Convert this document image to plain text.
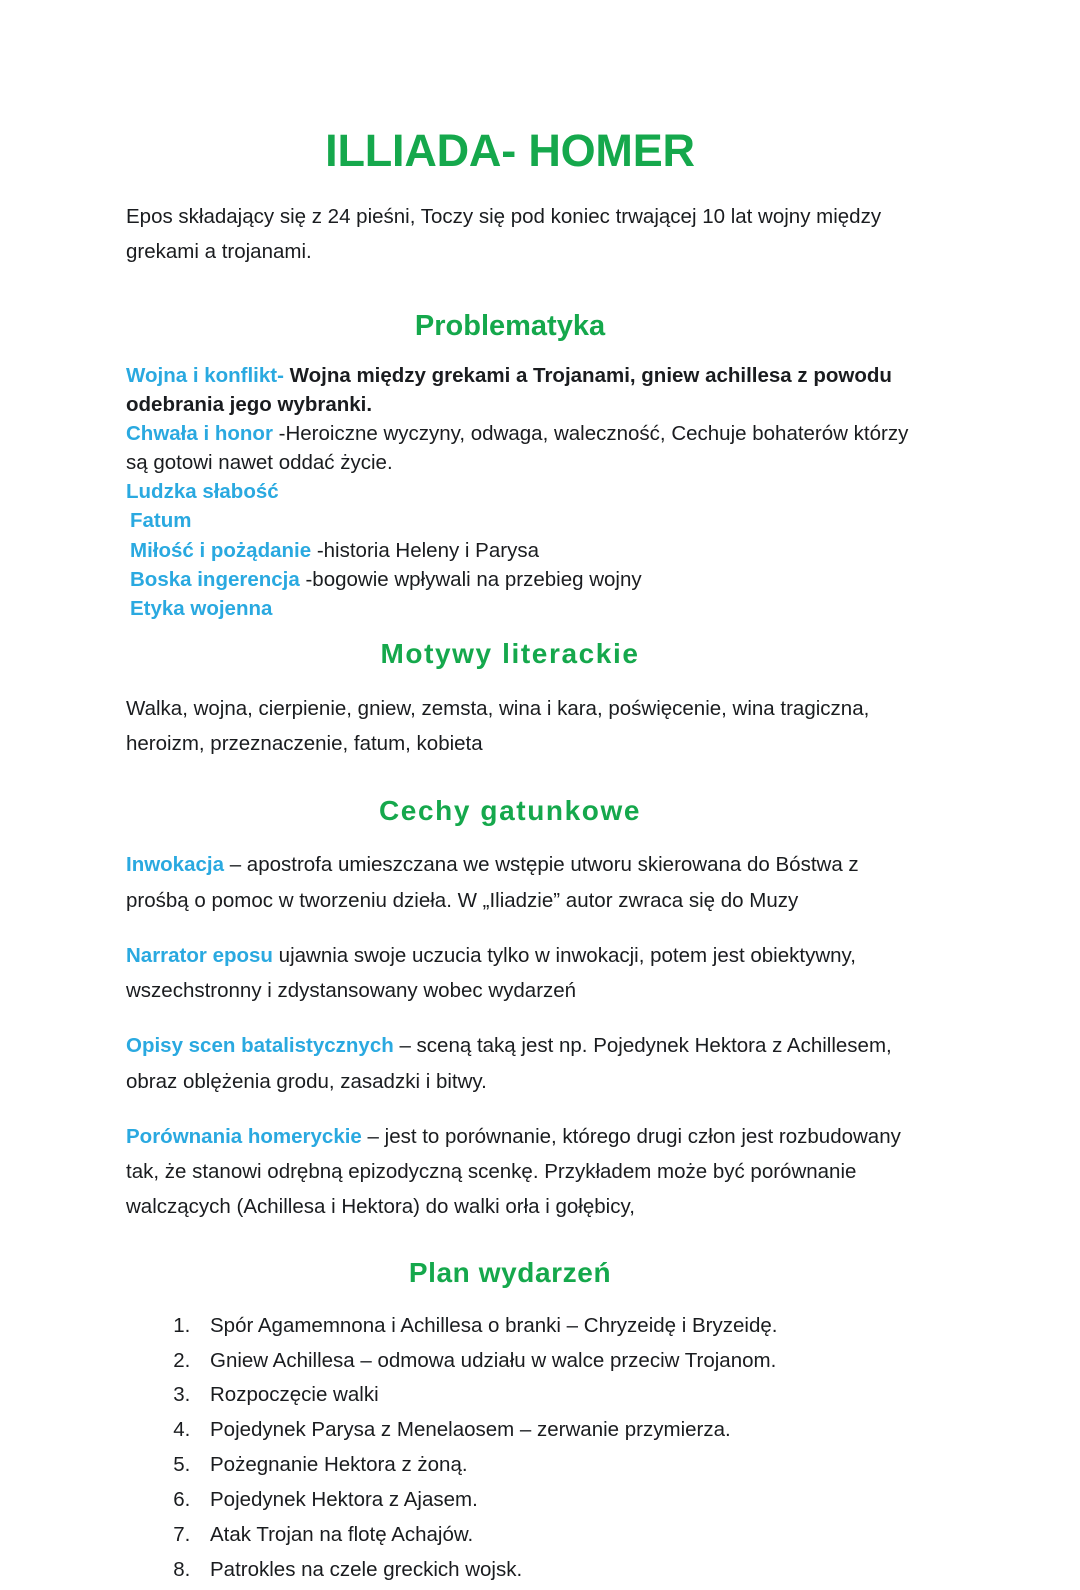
ILLIADA- HOMER

Epos składający się z 24 pieśni, Toczy się pod koniec trwającej 10 lat wojny między grekami a trojanami.

Problematyka
Wojna i konflikt- Wojna między grekami a Trojanami, gniew achillesa z powodu odebrania jego wybranki.
Chwała i honor -Heroiczne wyczyny, odwaga, waleczność, Cechuje bohaterów którzy są gotowi nawet oddać życie.
Ludzka słabość
Fatum
Miłość i pożądanie -historia Heleny i Parysa
Boska ingerencja -bogowie wpływali na przebieg wojny
Etyka wojenna
Motywy literackie

Walka, wojna, cierpienie, gniew, zemsta, wina i kara, poświęcenie, wina tragiczna, heroizm, przeznaczenie, fatum, kobieta

Cechy gatunkowe

Inwokacja – apostrofa umieszczana we wstępie utworu skierowana do Bóstwa z prośbą o pomoc w tworzeniu dzieła. W „Iliadzie” autor zwraca się do Muzy

Narrator eposu ujawnia swoje uczucia tylko w inwokacji, potem jest obiektywny, wszechstronny i zdystansowany wobec wydarzeń

Opisy scen batalistycznych – sceną taką jest np. Pojedynek Hektora z Achillesem, obraz oblężenia grodu, zasadzki i bitwy.

Porównania homeryckie – jest to porównanie, którego drugi człon jest rozbudowany tak, że stanowi odrębną epizodyczną scenkę. Przykładem może być porównanie walczących (Achillesa i Hektora) do walki orła i gołębicy,

Plan wydarzeń
1. Spór Agamemnona i Achillesa o branki – Chryzeidę i Bryzeidę.
2. Gniew Achillesa – odmowa udziału w walce przeciw Trojanom.
3. Rozpoczęcie walki
4. Pojedynek Parysa z Menelaosem – zerwanie przymierza.
5. Pożegnanie Hektora z żoną.
6. Pojedynek Hektora z Ajasem.
7. Atak Trojan na flotę Achajów.
8. Patrokles na czele greckich wojsk.
